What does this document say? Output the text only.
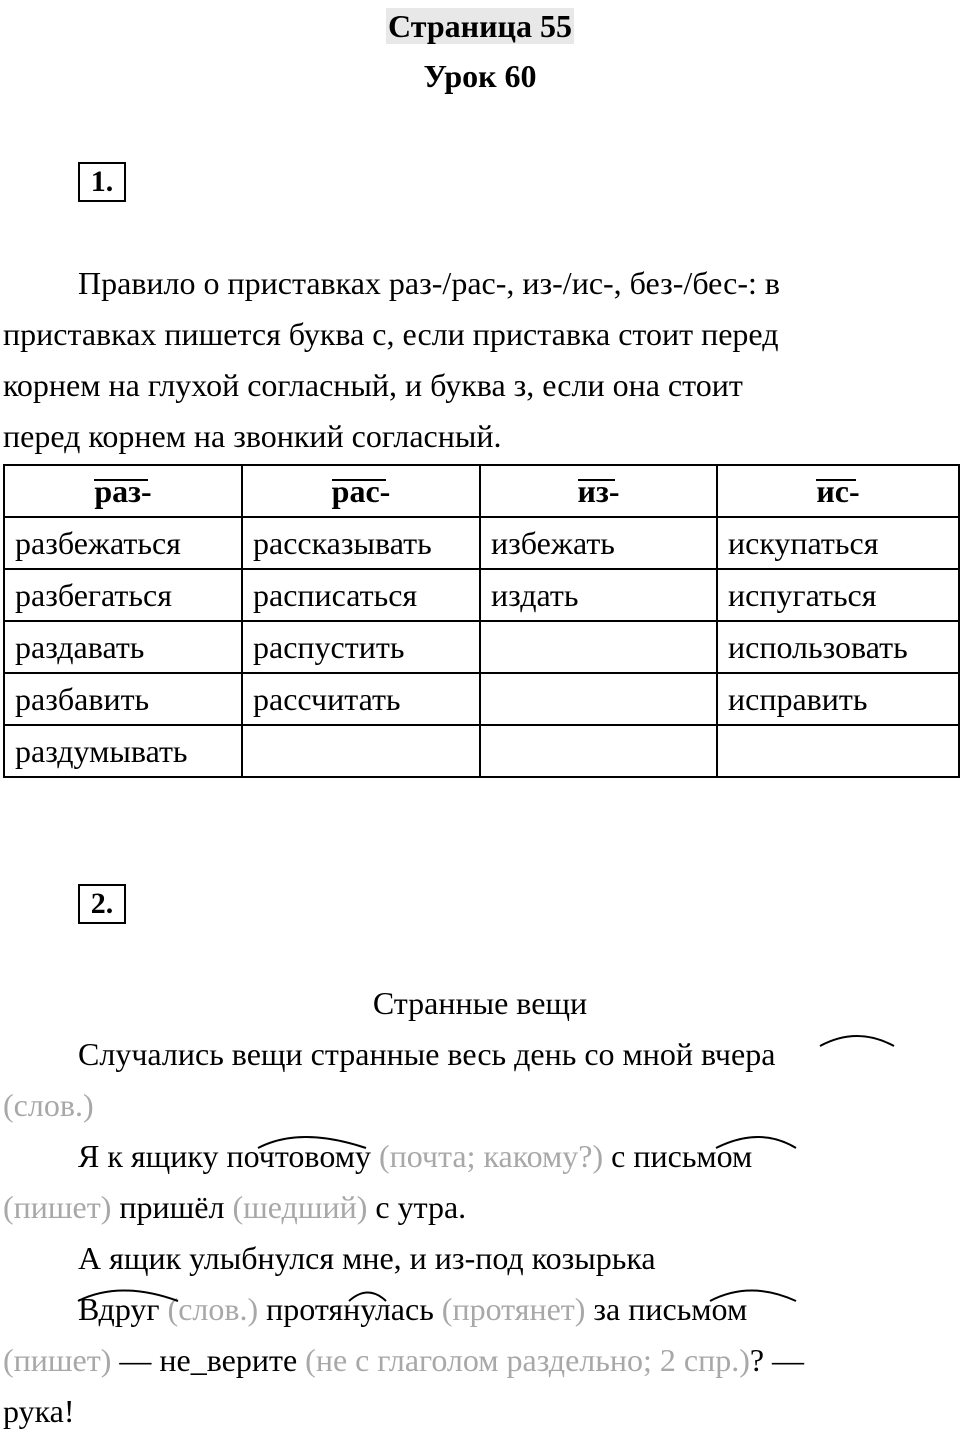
Страница 55
Урок 60
1.
Правило о приставках раз-/рас-, из-/ис-, без-/бес-: в
приставках пишется буква с, если приставка стоит перед
корнем на глухой согласный, и буква з, если она стоит
перед корнем на звонкий согласный.
раз-	рас-	из-	ис-
разбежаться	рассказывать	избежать	искупаться
разбегаться	расписаться	издать	испугаться
раздавать	распустить		использовать
разбавить	рассчитать		исправить
раздумывать			
2.
Странные вещи
Случались вещи странные весь день со мной вчера
(слов.)
Я к ящику почтовому (почта; какому?) с письмом
(пишет) пришёл (шедший) с утра.
А ящик улыбнулся мне, и из-под козырька
Вдруг (слов.) протянулась (протянет) за письмом
(пишет) — не_верите (не с глаголом раздельно; 2 спр.)? —
рука!
